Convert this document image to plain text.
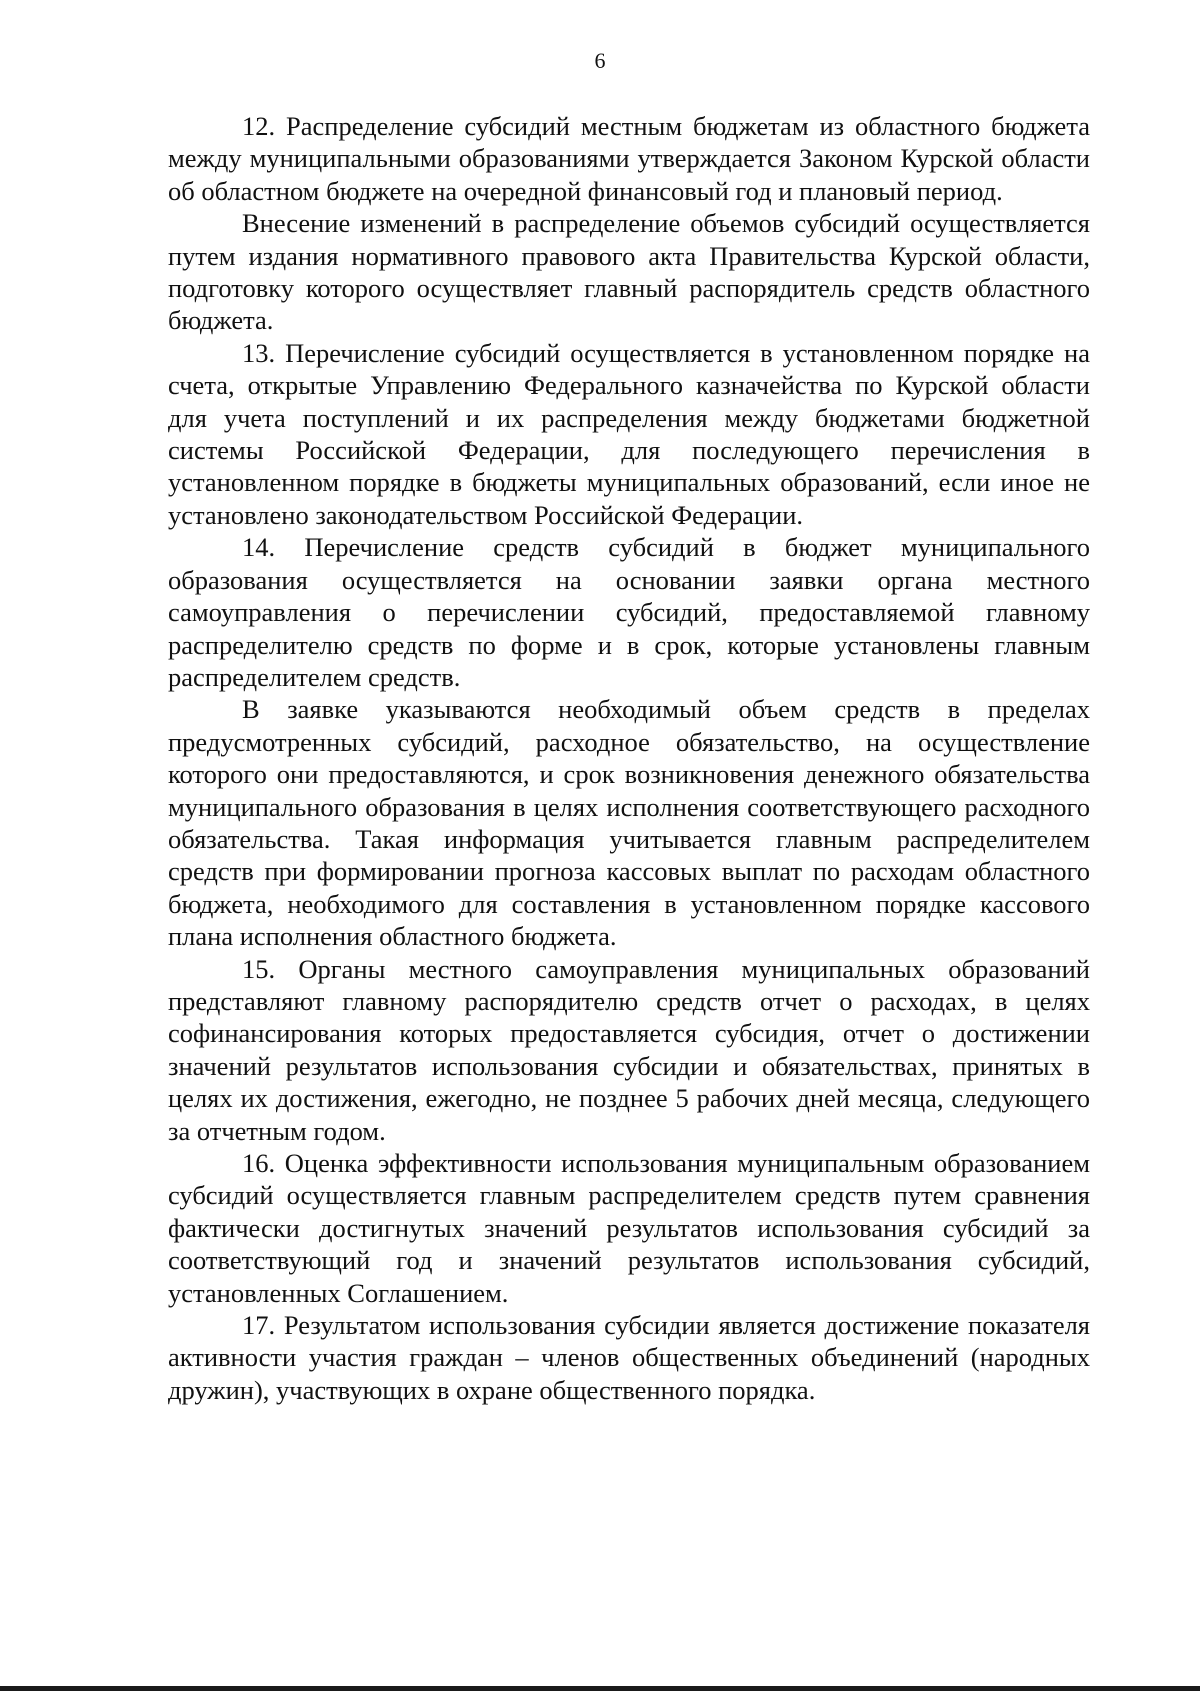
6

12. Распределение субсидий местным бюджетам из областного бюджета между муниципальными образованиями утверждается Законом Курской области об областном бюджете на очередной финансовый год и плановый период.

Внесение изменений в распределение объемов субсидий осуществляется путем издания нормативного правового акта Правительства Курской области, подготовку которого осуществляет главный распорядитель средств областного бюджета.

13. Перечисление субсидий осуществляется в установленном порядке на счета, открытые Управлению Федерального казначейства по Курской области для учета поступлений и их распределения между бюджетами бюджетной системы Российской Федерации, для последующего перечисления в установленном порядке в бюджеты муниципальных образований, если иное не установлено законодательством Российской Федерации.

14. Перечисление средств субсидий в бюджет муниципального образования осуществляется на основании заявки органа местного самоуправления о перечислении субсидий, предоставляемой главному распределителю средств по форме и в срок, которые установлены главным распределителем средств.

В заявке указываются необходимый объем средств в пределах предусмотренных субсидий, расходное обязательство, на осуществление которого они предоставляются, и срок возникновения денежного обязательства муниципального образования в целях исполнения соответствующего расходного обязательства. Такая информация учитывается главным распределителем средств при формировании прогноза кассовых выплат по расходам областного бюджета, необходимого для составления в установленном порядке кассового плана исполнения областного бюджета.

15. Органы местного самоуправления муниципальных образований представляют главному распорядителю средств отчет о расходах, в целях софинансирования которых предоставляется субсидия, отчет о достижении значений результатов использования субсидии и обязательствах, принятых в целях их достижения, ежегодно, не позднее 5 рабочих дней месяца, следующего за отчетным годом.

16. Оценка эффективности использования муниципальным образованием субсидий осуществляется главным распределителем средств путем сравнения фактически достигнутых значений результатов использования субсидий за соответствующий год и значений результатов использования субсидий, установленных Соглашением.

17. Результатом использования субсидии является достижение показателя активности участия граждан – членов общественных объединений (народных дружин), участвующих в охране общественного порядка.
